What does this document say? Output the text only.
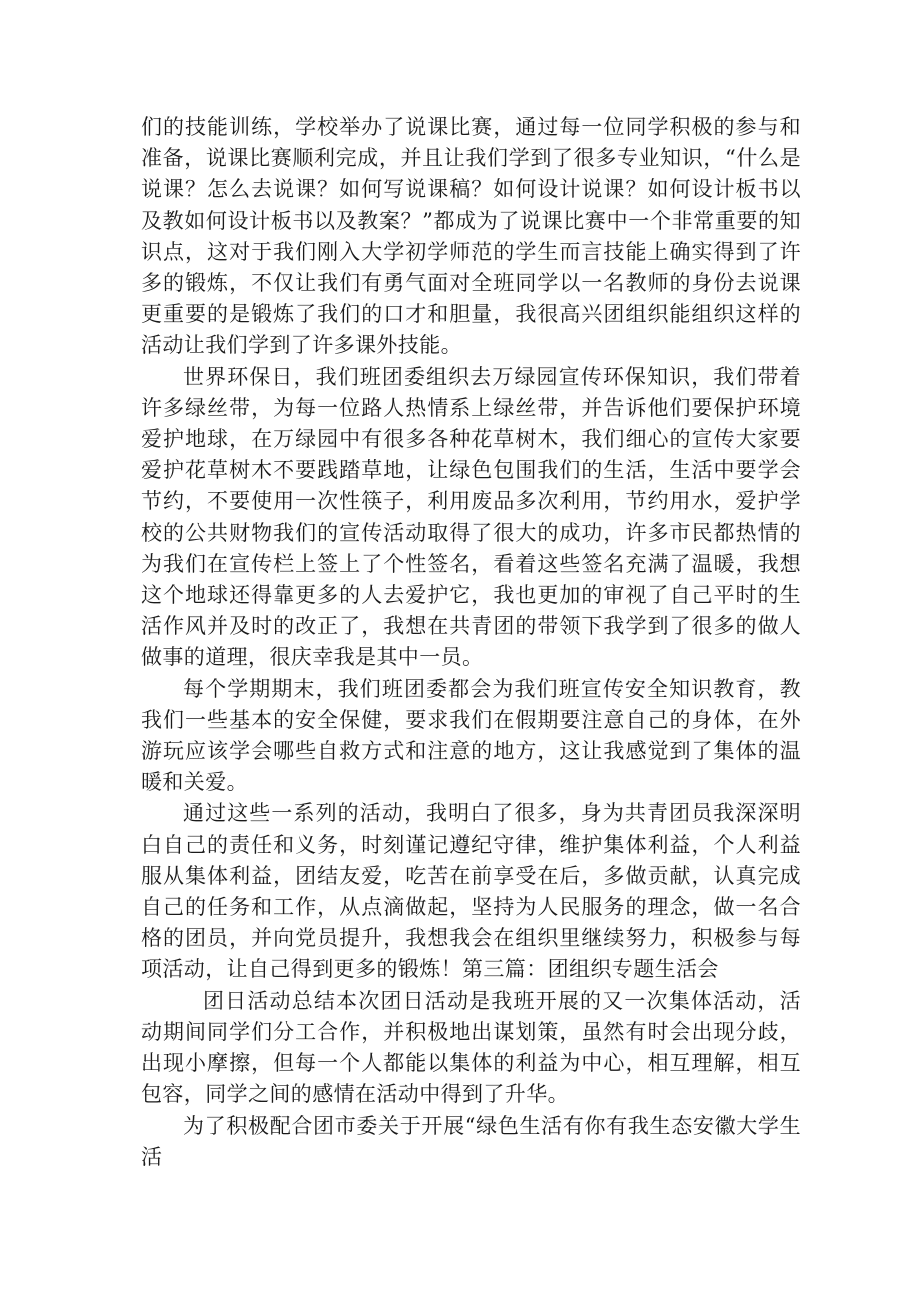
们的技能训练，学校举办了说课比赛，通过每一位同学积极的参与和准备，说课比赛顺利完成，并且让我们学到了很多专业知识，“什么是说课？怎么去说课？如何写说课稿？如何设计说课？如何设计板书以及教如何设计板书以及教案？”都成为了说课比赛中一个非常重要的知识点，这对于我们刚入大学初学师范的学生而言技能上确实得到了许多的锻炼，不仅让我们有勇气面对全班同学以一名教师的身份去说课更重要的是锻炼了我们的口才和胆量，我很高兴团组织能组织这样的活动让我们学到了许多课外技能。

世界环保日，我们班团委组织去万绿园宣传环保知识，我们带着许多绿丝带，为每一位路人热情系上绿丝带，并告诉他们要保护环境爱护地球，在万绿园中有很多各种花草树木，我们细心的宣传大家要爱护花草树木不要践踏草地，让绿色包围我们的生活，生活中要学会节约，不要使用一次性筷子，利用废品多次利用，节约用水，爱护学校的公共财物我们的宣传活动取得了很大的成功，许多市民都热情的为我们在宣传栏上签上了个性签名，看着这些签名充满了温暖，我想这个地球还得靠更多的人去爱护它，我也更加的审视了自己平时的生活作风并及时的改正了，我想在共青团的带领下我学到了很多的做人做事的道理，很庆幸我是其中一员。

每个学期期末，我们班团委都会为我们班宣传安全知识教育，教我们一些基本的安全保健，要求我们在假期要注意自己的身体，在外游玩应该学会哪些自救方式和注意的地方，这让我感觉到了集体的温暖和关爱。

通过这些一系列的活动，我明白了很多，身为共青团员我深深明白自己的责任和义务，时刻谨记遵纪守律，维护集体利益，个人利益服从集体利益，团结友爱，吃苦在前享受在后，多做贡献，认真完成自己的任务和工作，从点滴做起，坚持为人民服务的理念，做一名合格的团员，并向党员提升，我想我会在组织里继续努力，积极参与每项活动，让自己得到更多的锻炼！第三篇：团组织专题生活会

团日活动总结本次团日活动是我班开展的又一次集体活动，活动期间同学们分工合作，并积极地出谋划策，虽然有时会出现分歧，出现小摩擦，但每一个人都能以集体的利益为中心，相互理解，相互包容，同学之间的感情在活动中得到了升华。

为了积极配合团市委关于开展“绿色生活有你有我生态安徽大学生活
